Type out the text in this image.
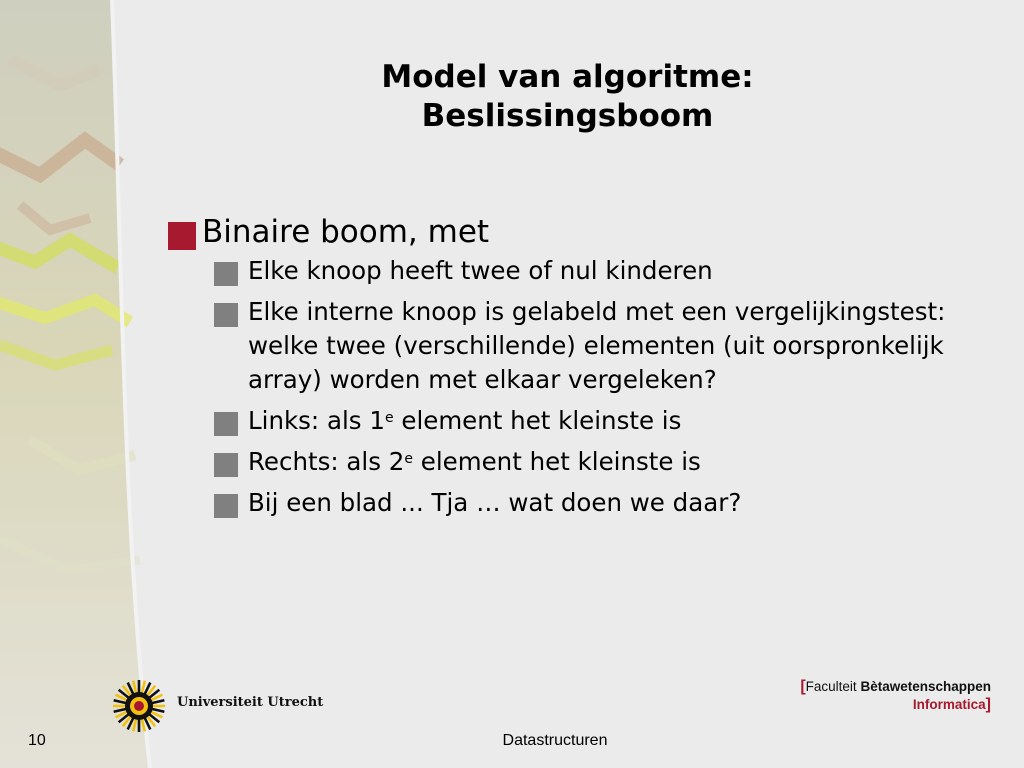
Model van algoritme:
Beslissingsboom
Binaire boom, met
Elke knoop heeft twee of nul kinderen
Elke interne knoop is gelabeld met een vergelijkingstest: welke twee (verschillende) elementen (uit oorspronkelijk array) worden met elkaar vergeleken?
Links: als 1e element het kleinste is
Rechts: als 2e element het kleinste is
Bij een blad ... Tja … wat doen we daar?
Universiteit Utrecht
[Faculteit Bètawetenschappen
Informatica]
10	Datastructuren
